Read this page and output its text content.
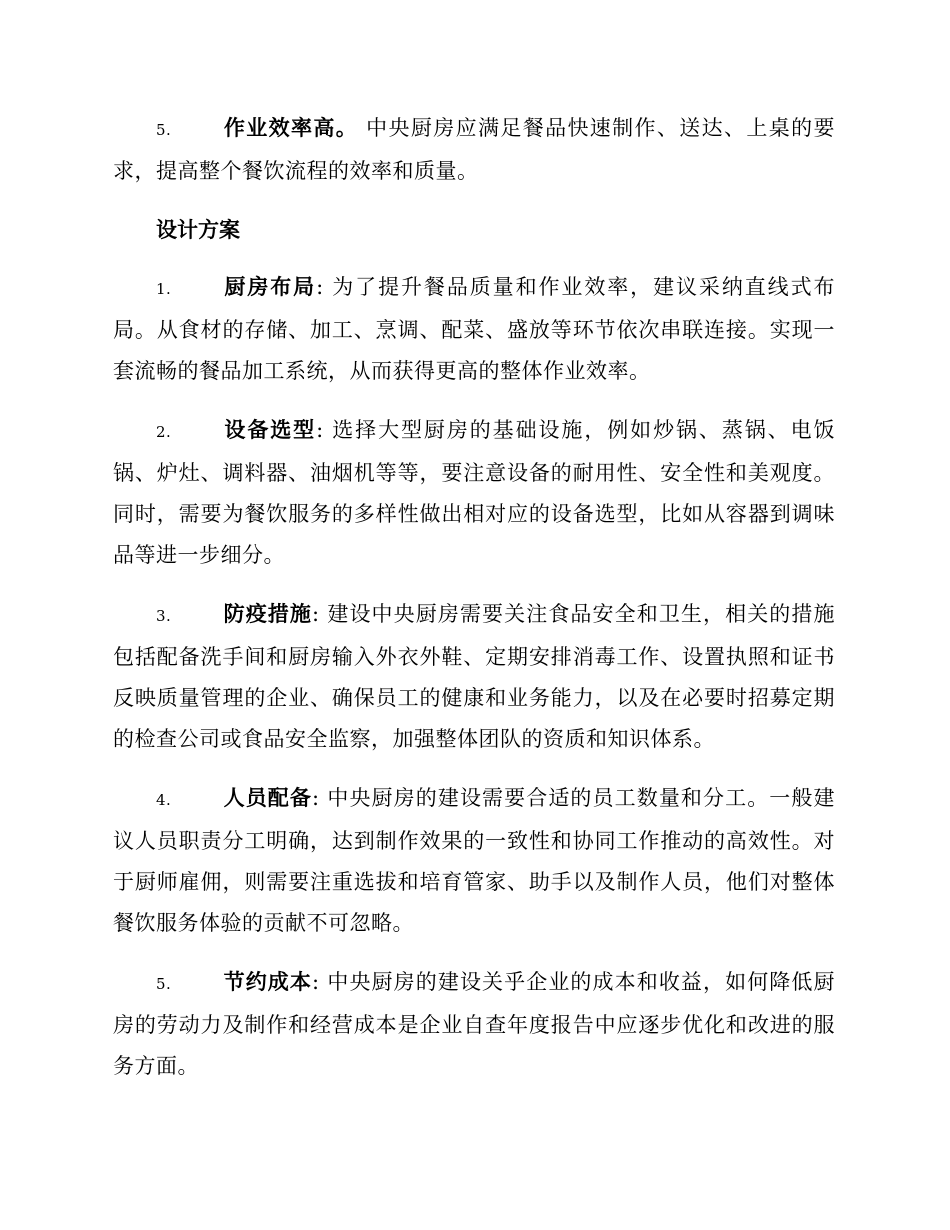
5. 作业效率高。 中央厨房应满足餐品快速制作、送达、上桌的要求，提高整个餐饮流程的效率和质量。

设计方案

1. 厨房布局: 为了提升餐品质量和作业效率，建议采纳直线式布局。从食材的存储、加工、烹调、配菜、盛放等环节依次串联连接。实现一套流畅的餐品加工系统，从而获得更高的整体作业效率。

2. 设备选型: 选择大型厨房的基础设施，例如炒锅、蒸锅、电饭锅、炉灶、调料器、油烟机等等，要注意设备的耐用性、安全性和美观度。同时，需要为餐饮服务的多样性做出相对应的设备选型，比如从容器到调味品等进一步细分。

3. 防疫措施: 建设中央厨房需要关注食品安全和卫生，相关的措施包括配备洗手间和厨房输入外衣外鞋、定期安排消毒工作、设置执照和证书反映质量管理的企业、确保员工的健康和业务能力，以及在必要时招募定期的检查公司或食品安全监察，加强整体团队的资质和知识体系。

4. 人员配备: 中央厨房的建设需要合适的员工数量和分工。一般建议人员职责分工明确，达到制作效果的一致性和协同工作推动的高效性。对于厨师雇佣，则需要注重选拔和培育管家、助手以及制作人员，他们对整体餐饮服务体验的贡献不可忽略。

5. 节约成本: 中央厨房的建设关乎企业的成本和收益，如何降低厨房的劳动力及制作和经营成本是企业自查年度报告中应逐步优化和改进的服务方面。
